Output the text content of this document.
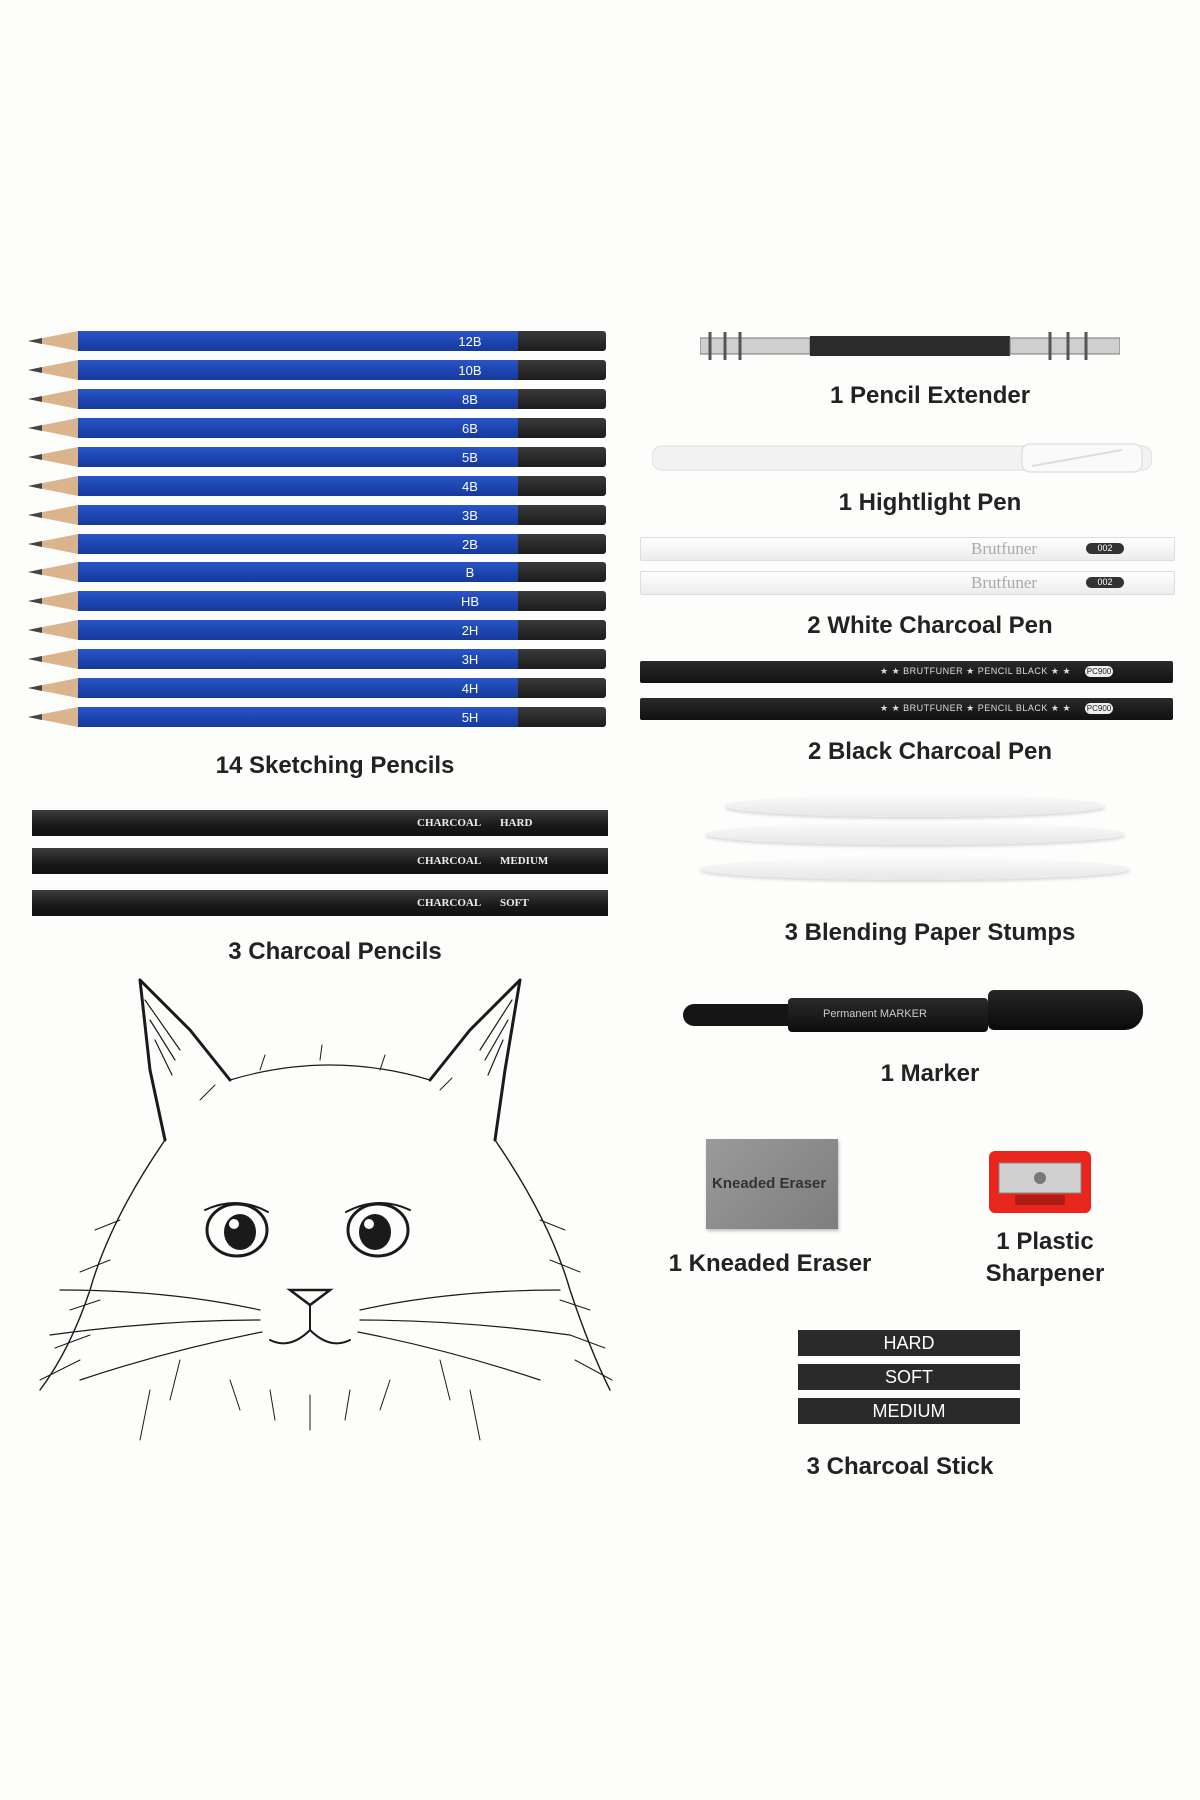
12B
10B
8B
6B
5B
4B
3B
2B
B
HB
2H
3H
4H
5H
14 Sketching Pencils
CHARCOAL HARD
CHARCOAL MEDIUM
CHARCOAL SOFT
3 Charcoal Pencils
1 Pencil Extender
1 Hightlight Pen
Brutfuner	002
Brutfuner	002
2 White Charcoal Pen
★ ★ BRUTFUNER ★ PENCIL BLACK ★ ★ PC900
★ ★ BRUTFUNER ★ PENCIL BLACK ★ ★ PC900
2 Black Charcoal Pen
3 Blending Paper Stumps
Permanent MARKER
1 Marker
Kneaded Eraser
1 Kneaded Eraser
1 Plastic
Sharpener
HARD
SOFT
MEDIUM
3 Charcoal Stick
